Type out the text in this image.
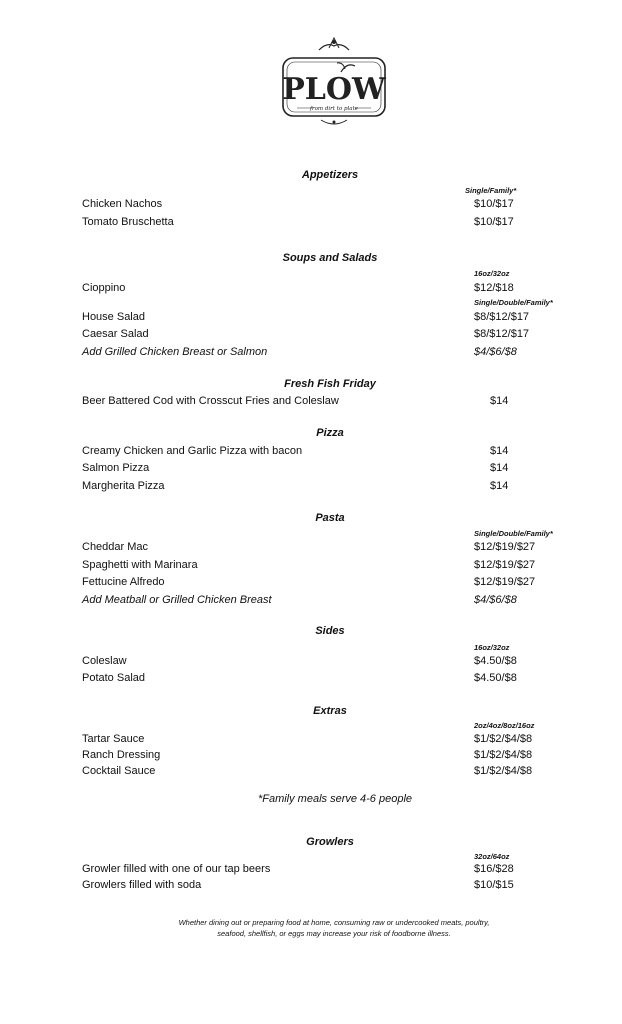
PLOW
from dirt to plate
Appetizers
Single/Family*
Chicken Nachos	$10/$17
Tomato Bruschetta	$10/$17
Soups and Salads
16oz/32oz
Cioppino	$12/$18
Single/Double/Family*
House Salad	$8/$12/$17
Caesar Salad	$8/$12/$17
Add Grilled Chicken Breast or Salmon	$4/$6/$8
Fresh Fish Friday
Beer Battered Cod with Crosscut Fries and Coleslaw	$14
Pizza
Creamy Chicken and Garlic Pizza with bacon	$14
Salmon Pizza	$14
Margherita Pizza	$14
Pasta
Single/Double/Family*
Cheddar Mac	$12/$19/$27
Spaghetti with Marinara	$12/$19/$27
Fettucine Alfredo	$12/$19/$27
Add Meatball or Grilled Chicken Breast	$4/$6/$8
Sides
16oz/32oz
Coleslaw	$4.50/$8
Potato Salad	$4.50/$8
Extras
2oz/4oz/8oz/16oz
Tartar Sauce	$1/$2/$4/$8
Ranch Dressing	$1/$2/$4/$8
Cocktail Sauce	$1/$2/$4/$8
*Family meals serve 4-6 people
Growlers
32oz/64oz
Growler filled with one of our tap beers	$16/$28
Growlers filled with soda	$10/$15
Whether dining out or preparing food at home, consuming raw or undercooked meats, poultry,
seafood, shellfish, or eggs may increase your risk of foodborne illness.
